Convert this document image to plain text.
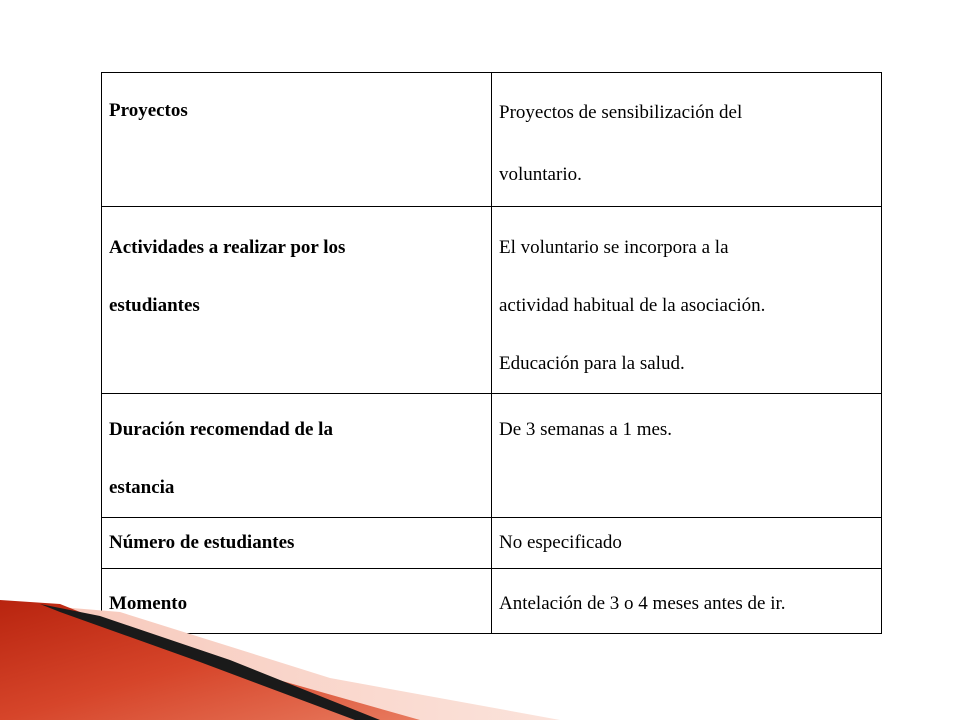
Proyectos	Proyectos de sensibilización del
voluntario.

Actividades a realizar por los
estudiantes	El voluntario se incorpora a la
actividad habitual de la asociación.
Educación para la salud.

Duración recomendad de la
estancia	De 3 semanas a 1 mes.

Número de estudiantes	No especificado

Momento	Antelación de 3 o 4 meses antes de ir.
